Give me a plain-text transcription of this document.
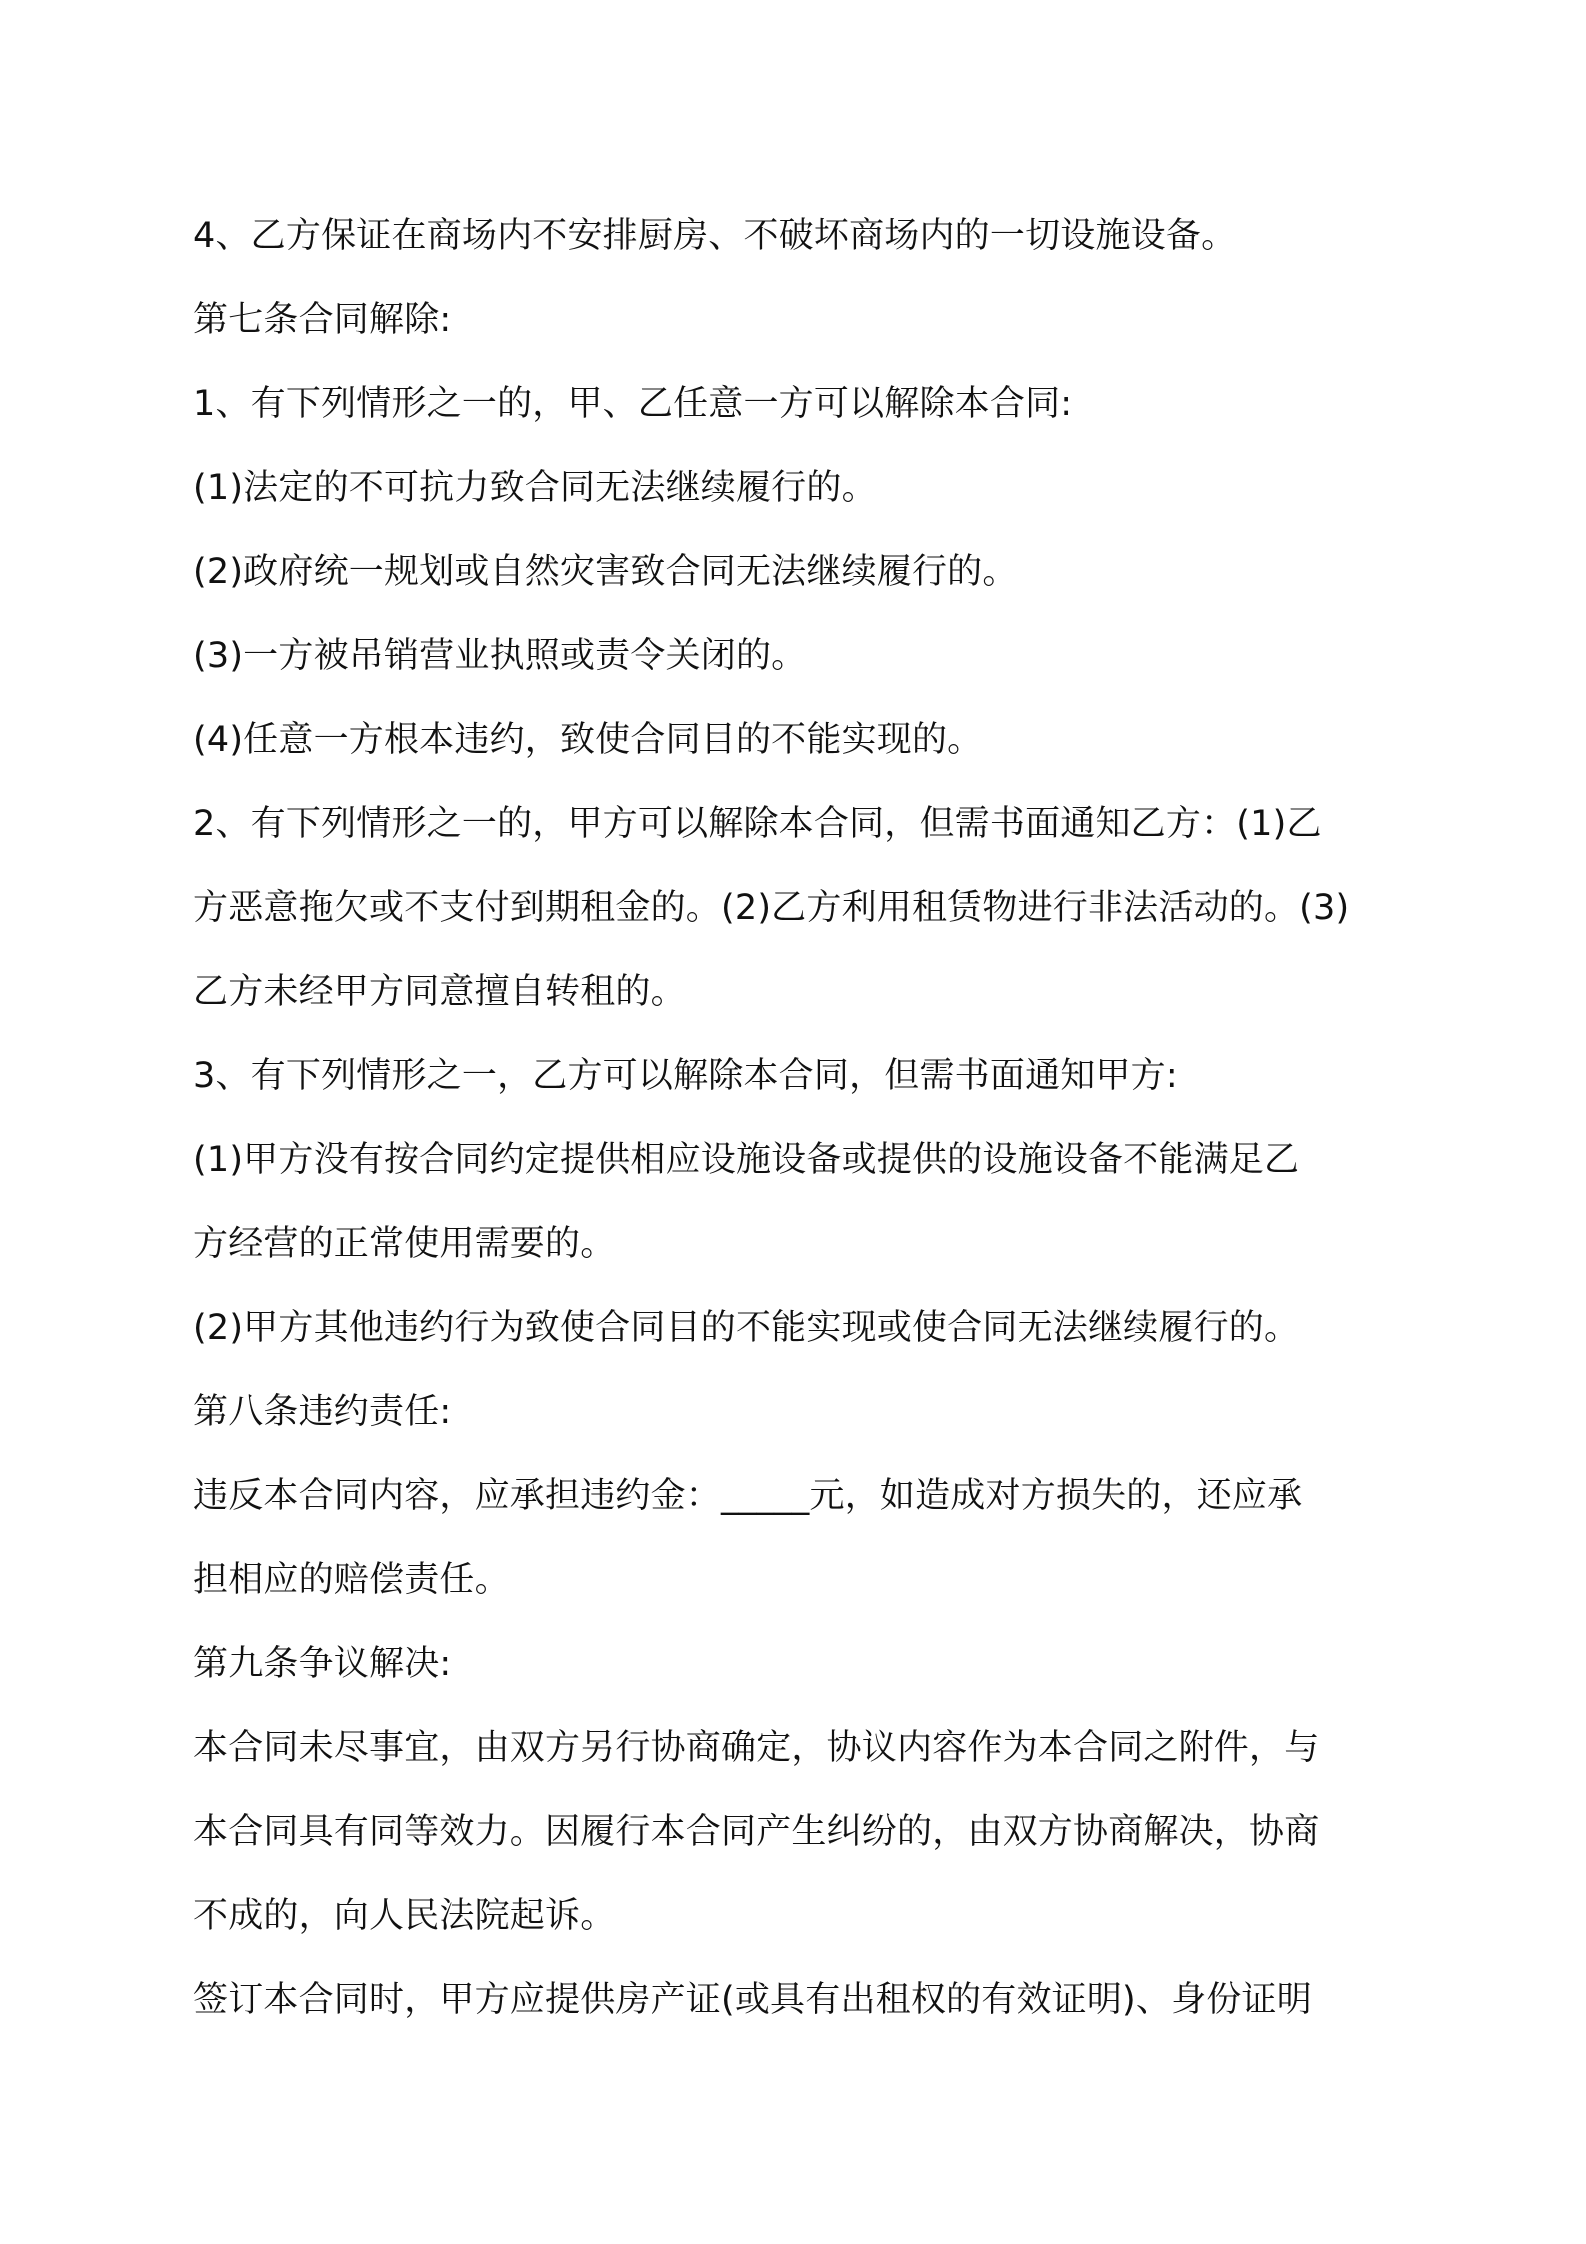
4、乙方保证在商场内不安排厨房、不破坏商场内的一切设施设备。
第七条合同解除:
1、有下列情形之一的，甲、乙任意一方可以解除本合同:
(1)法定的不可抗力致合同无法继续履行的。
(2)政府统一规划或自然灾害致合同无法继续履行的。
(3)一方被吊销营业执照或责令关闭的。
(4)任意一方根本违约，致使合同目的不能实现的。
2、有下列情形之一的，甲方可以解除本合同，但需书面通知乙方：(1)乙
方恶意拖欠或不支付到期租金的。(2)乙方利用租赁物进行非法活动的。(3)
乙方未经甲方同意擅自转租的。
3、有下列情形之一，乙方可以解除本合同，但需书面通知甲方:
(1)甲方没有按合同约定提供相应设施设备或提供的设施设备不能满足乙
方经营的正常使用需要的。
(2)甲方其他违约行为致使合同目的不能实现或使合同无法继续履行的。
第八条违约责任:
违反本合同内容，应承担违约金：_____元，如造成对方损失的，还应承
担相应的赔偿责任。
第九条争议解决:
本合同未尽事宜，由双方另行协商确定，协议内容作为本合同之附件，与
本合同具有同等效力。因履行本合同产生纠纷的，由双方协商解决，协商
不成的，向人民法院起诉。
签订本合同时，甲方应提供房产证(或具有出租权的有效证明)、身份证明
